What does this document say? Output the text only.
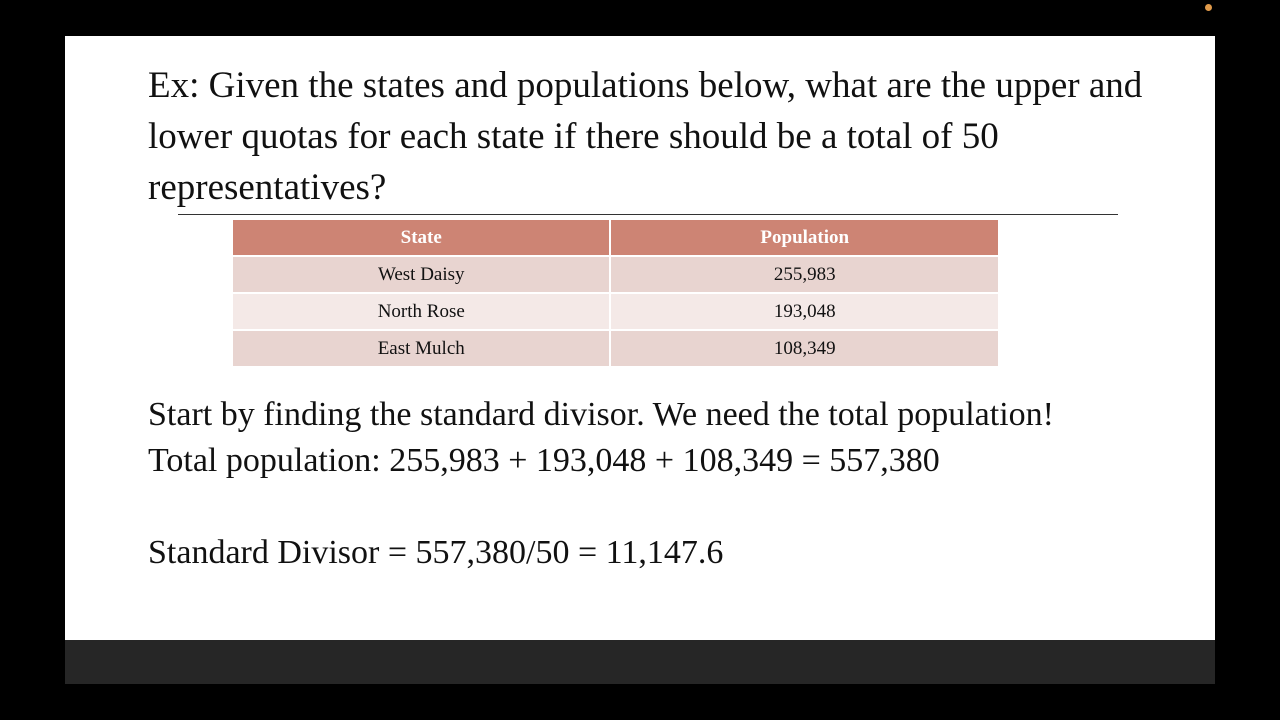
Ex: Given the states and populations below, what are the upper and lower quotas for each state if there should be a total of 50 representatives?
State	Population
West Daisy	255,983
North Rose	193,048
East Mulch	108,349
Start by finding the standard divisor. We need the total population!
Total population: 255,983 + 193,048 + 108,349 = 557,380
Standard Divisor = 557,380/50 = 11,147.6
